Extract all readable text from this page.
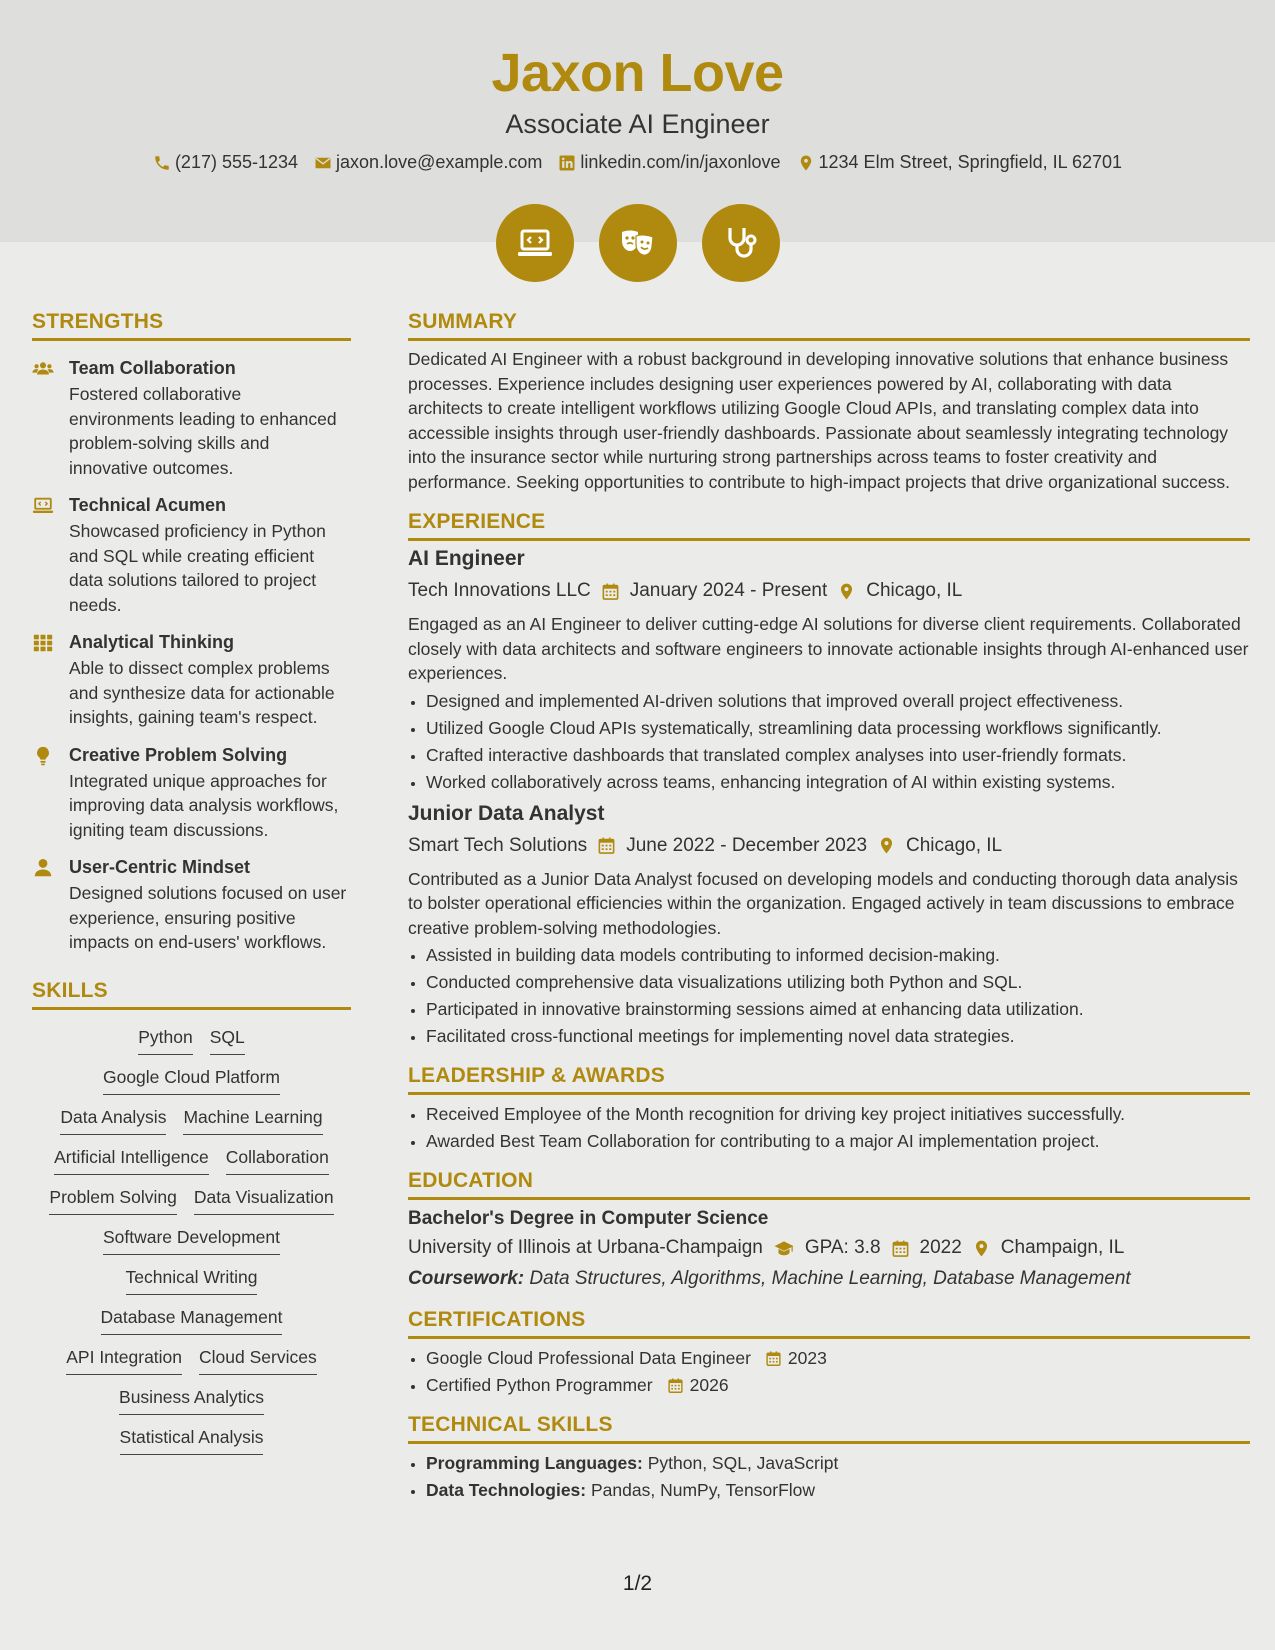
Jaxon Love
Associate AI Engineer
(217) 555-1234 jaxon.love@example.com linkedin.com/in/jaxonlove 1234 Elm Street, Springfield, IL 62701
STRENGTHS
Team Collaboration
Fostered collaborative environments leading to enhanced problem-solving skills and innovative outcomes.
Technical Acumen
Showcased proficiency in Python and SQL while creating efficient data solutions tailored to project needs.
Analytical Thinking
Able to dissect complex problems and synthesize data for actionable insights, gaining team's respect.
Creative Problem Solving
Integrated unique approaches for improving data analysis workflows, igniting team discussions.
User-Centric Mindset
Designed solutions focused on user experience, ensuring positive impacts on end-users' workflows.
SKILLS
Python SQL
Google Cloud Platform
Data Analysis Machine Learning
Artificial Intelligence Collaboration
Problem Solving Data Visualization
Software Development
Technical Writing
Database Management
API Integration Cloud Services
Business Analytics
Statistical Analysis
SUMMARY
Dedicated AI Engineer with a robust background in developing innovative solutions that enhance business processes. Experience includes designing user experiences powered by AI, collaborating with data architects to create intelligent workflows utilizing Google Cloud APIs, and translating complex data into accessible insights through user-friendly dashboards. Passionate about seamlessly integrating technology into the insurance sector while nurturing strong partnerships across teams to foster creativity and performance. Seeking opportunities to contribute to high-impact projects that drive organizational success.
EXPERIENCE
AI Engineer
Tech Innovations LLC January 2024 - Present Chicago, IL
Engaged as an AI Engineer to deliver cutting-edge AI solutions for diverse client requirements. Collaborated closely with data architects and software engineers to innovate actionable insights through AI-enhanced user experiences.
• Designed and implemented AI-driven solutions that improved overall project effectiveness.
• Utilized Google Cloud APIs systematically, streamlining data processing workflows significantly.
• Crafted interactive dashboards that translated complex analyses into user-friendly formats.
• Worked collaboratively across teams, enhancing integration of AI within existing systems.
Junior Data Analyst
Smart Tech Solutions June 2022 - December 2023 Chicago, IL
Contributed as a Junior Data Analyst focused on developing models and conducting thorough data analysis to bolster operational efficiencies within the organization. Engaged actively in team discussions to embrace creative problem-solving methodologies.
• Assisted in building data models contributing to informed decision-making.
• Conducted comprehensive data visualizations utilizing both Python and SQL.
• Participated in innovative brainstorming sessions aimed at enhancing data utilization.
• Facilitated cross-functional meetings for implementing novel data strategies.
LEADERSHIP & AWARDS
• Received Employee of the Month recognition for driving key project initiatives successfully.
• Awarded Best Team Collaboration for contributing to a major AI implementation project.
EDUCATION
Bachelor's Degree in Computer Science
University of Illinois at Urbana-Champaign GPA: 3.8 2022 Champaign, IL
Coursework: Data Structures, Algorithms, Machine Learning, Database Management
CERTIFICATIONS
• Google Cloud Professional Data Engineer 2023
• Certified Python Programmer 2026
TECHNICAL SKILLS
• Programming Languages: Python, SQL, JavaScript
• Data Technologies: Pandas, NumPy, TensorFlow
1/2
